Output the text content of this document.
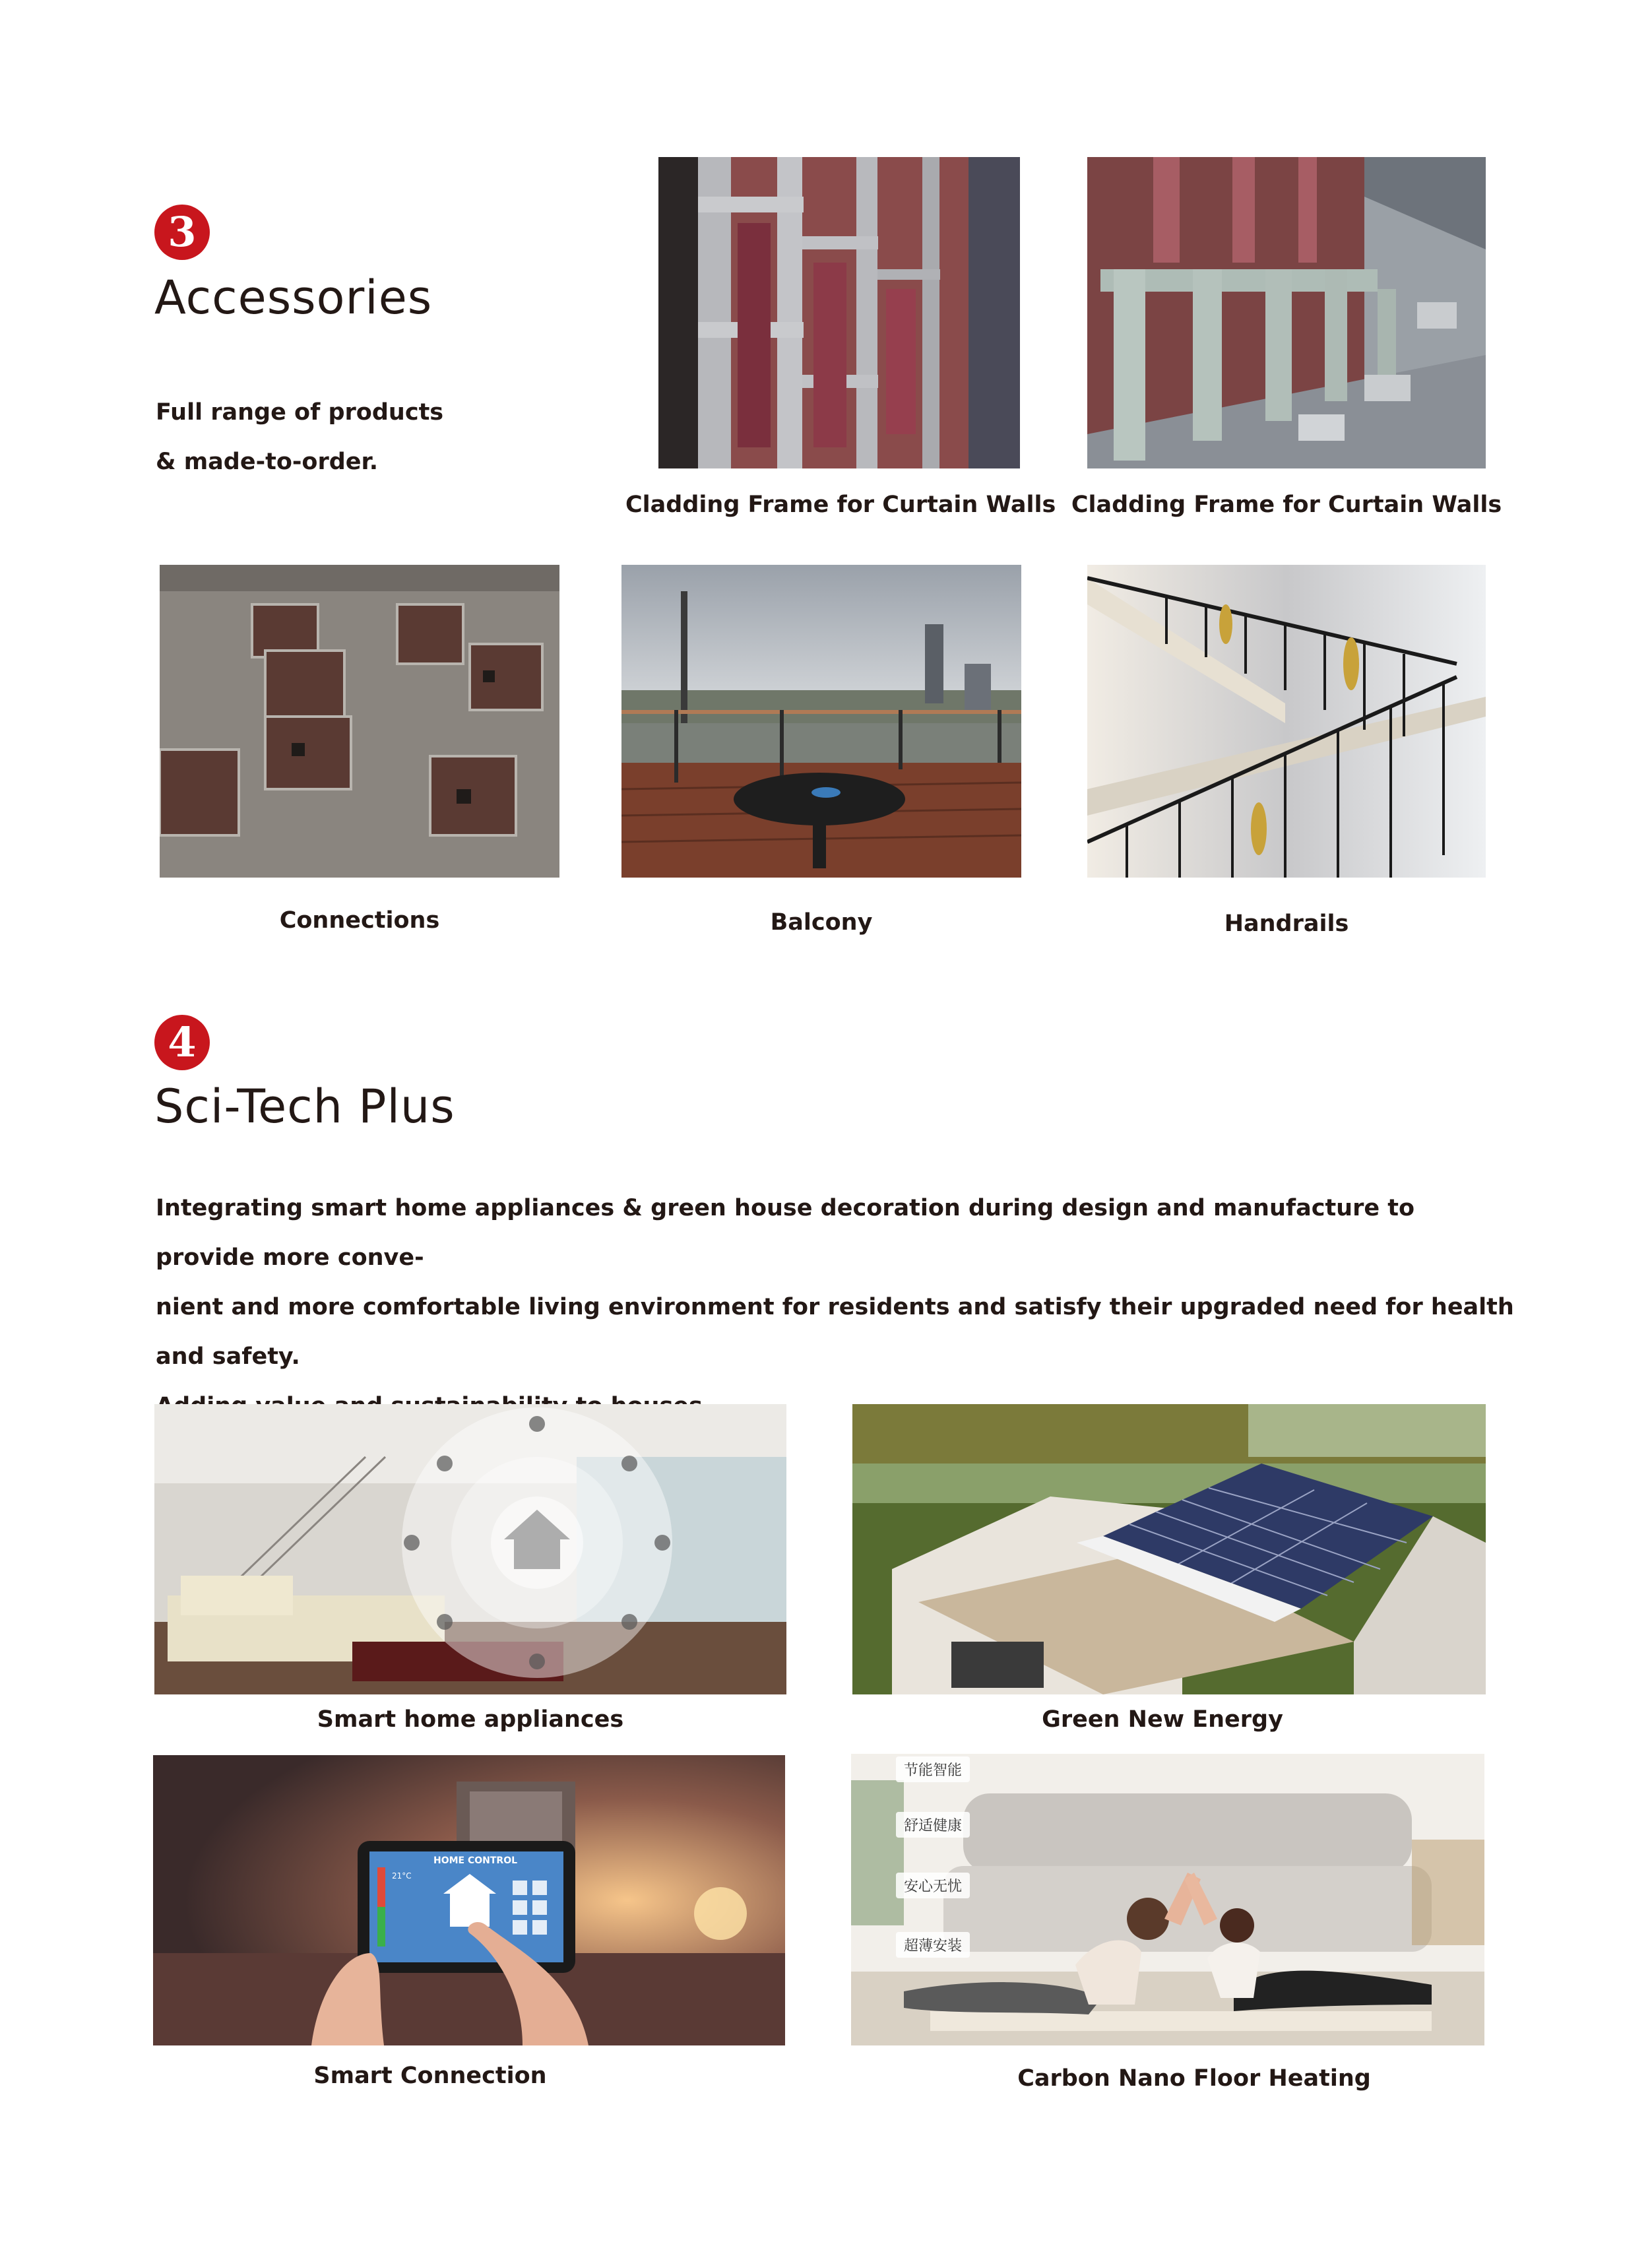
3
Accessories
Full range of products
& made-to-order.
Cladding Frame for Curtain Walls Cladding Frame for Curtain Walls
Connections	Balcony	Handrails
4
Sci-Tech Plus
Integrating smart home appliances & green house decoration during design and manufacture to provide more conve-
nient and more comfortable living environment for residents and satisfy their upgraded need for health and safety.
Smart home appliances	Green New Energy
HOME CONTROL
21°C
Smart Connection
节能智能
舒适健康
安心无忧
超薄安装
Carbon Nano Floor Heating
